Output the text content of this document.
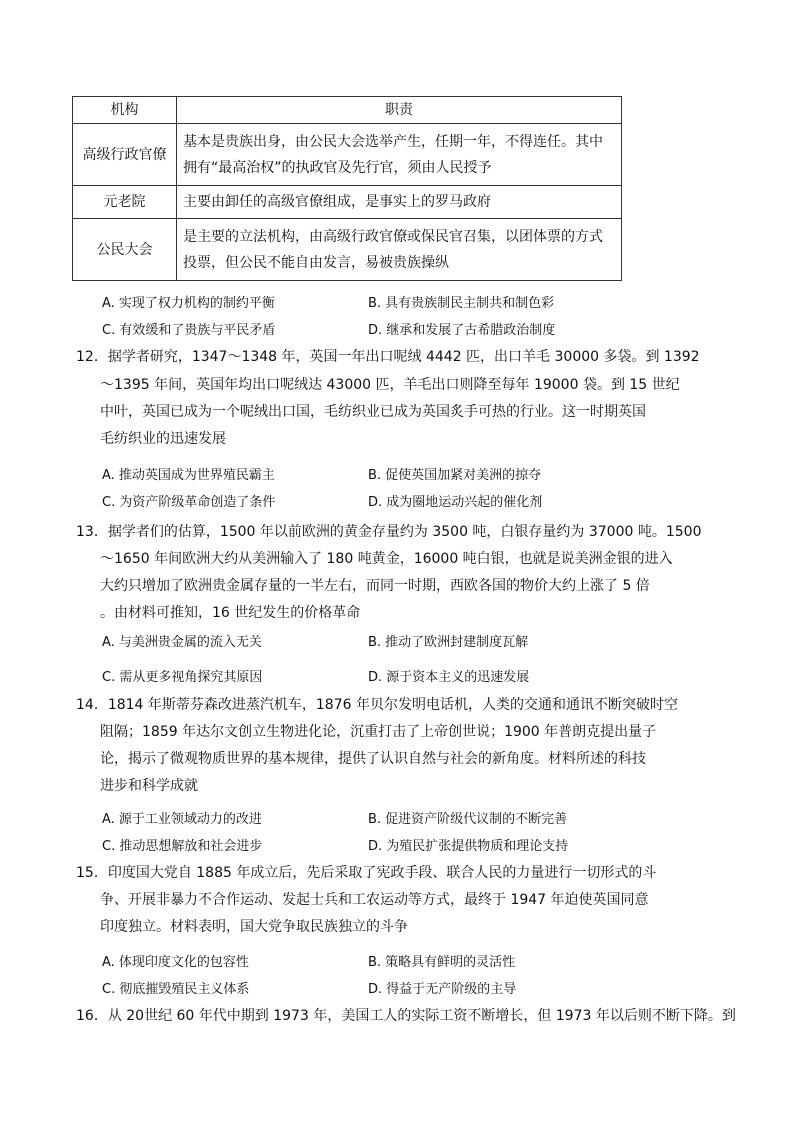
机构	职责
高级行政官僚	基本是贵族出身，由公民大会选举产生，任期一年，不得连任。其中拥有“最高治权”的执政官及先行官，须由人民授予
元老院	主要由卸任的高级官僚组成，是事实上的罗马政府
公民大会	是主要的立法机构，由高级行政官僚或保民官召集，以团体票的方式投票，但公民不能自由发言，易被贵族操纵
A. 实现了权力机构的制约平衡	B. 具有贵族制民主制共和制色彩
C. 有效缓和了贵族与平民矛盾	D. 继承和发展了古希腊政治制度
12．据学者研究，1347～1348 年，英国一年出口呢绒 4442 匹，出口羊毛 30000 多袋。到 1392
～1395 年间，英国年均出口呢绒达 43000 匹，羊毛出口则降至每年 19000 袋。到 15 世纪
中叶，英国已成为一个呢绒出口国，毛纺织业已成为英国炙手可热的行业。这一时期英国
毛纺织业的迅速发展
A. 推动英国成为世界殖民霸主	B. 促使英国加紧对美洲的掠夺
C. 为资产阶级革命创造了条件	D. 成为圈地运动兴起的催化剂
13．据学者们的估算，1500 年以前欧洲的黄金存量约为 3500 吨，白银存量约为 37000 吨。1500
～1650 年间欧洲大约从美洲输入了 180 吨黄金，16000 吨白银，也就是说美洲金银的进入
大约只增加了欧洲贵金属存量的一半左右，而同一时期，西欧各国的物价大约上涨了 5 倍
。由材料可推知，16 世纪发生的价格革命
A. 与美洲贵金属的流入无关	B. 推动了欧洲封建制度瓦解
C. 需从更多视角探究其原因	D. 源于资本主义的迅速发展
14．1814 年斯蒂芬森改进蒸汽机车，1876 年贝尔发明电话机，人类的交通和通讯不断突破时空
阻隔；1859 年达尔文创立生物进化论，沉重打击了上帝创世说；1900 年普朗克提出量子
论，揭示了微观物质世界的基本规律，提供了认识自然与社会的新角度。材料所述的科技
进步和科学成就
A. 源于工业领域动力的改进	B. 促进资产阶级代议制的不断完善
C. 推动思想解放和社会进步	D. 为殖民扩张提供物质和理论支持
15．印度国大党自 1885 年成立后，先后采取了宪政手段、联合人民的力量进行一切形式的斗
争、开展非暴力不合作运动、发起士兵和工农运动等方式，最终于 1947 年迫使英国同意
印度独立。材料表明，国大党争取民族独立的斗争
A. 体现印度文化的包容性	B. 策略具有鲜明的灵活性
C. 彻底摧毁殖民主义体系	D. 得益于无产阶级的主导
16．从 20世纪 60 年代中期到 1973 年，美国工人的实际工资不断增长，但 1973 年以后则不断下降。到
